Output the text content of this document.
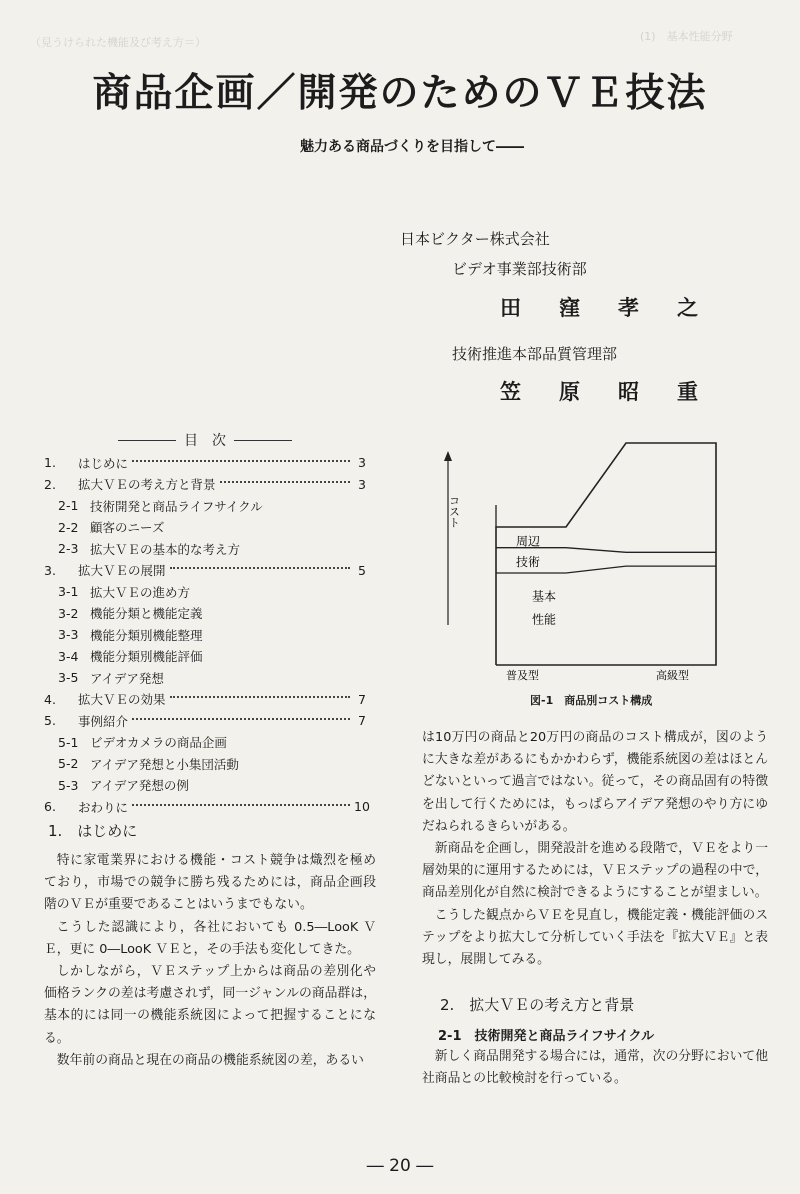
（見うけられた機能及び考え方＝）	(1)　基本性能分野
商品企画／開発のためのＶＥ技法
魅力ある商品づくりを目指して――
日本ビクター株式会社
ビデオ事業部技術部
田窪孝之
技術推進本部品質管理部
笠原昭重
目　次
1.	はじめに	3
2.	拡大ＶＥの考え方と背景	3
2-1 技術開発と商品ライフサイクル
2-2 顧客のニーズ
2-3 拡大ＶＥの基本的な考え方
3.	拡大ＶＥの展開	5
3-1 拡大ＶＥの進め方
3-2 機能分類と機能定義
3-3 機能分類別機能整理
3-4 機能分類別機能評価
3-5 アイデア発想
4.	拡大ＶＥの効果	7
5.	事例紹介	7
5-1 ビデオカメラの商品企画
5-2 アイデア発想と小集団活動
5-3 アイデア発想の例
6.	おわりに	10
1.　はじめに
特に家電業界における機能・コスト競争は熾烈を極めており，市場での競争に勝ち残るためには，商品企画段階のＶＥが重要であることはいうまでもない。
こうした認識により，各社においても 0.5―LooK ＶＥ，更に 0―LooK ＶＥと，その手法も変化してきた。
しかしながら，ＶＥステップ上からは商品の差別化や価格ランクの差は考慮されず，同一ジャンルの商品群は，基本的には同一の機能系統図によって把握することになる。
数年前の商品と現在の商品の機能系統図の差，あるい
コスト
周辺
技術
基本
性能
普及型	高級型
図-1　商品別コスト構成
は10万円の商品と20万円の商品のコスト構成が，図のように大きな差があるにもかかわらず，機能系統図の差はほとんどないといって過言ではない。従って，その商品固有の特徴を出して行くためには，もっぱらアイデア発想のやり方にゆだねられるきらいがある。
新商品を企画し，開発設計を進める段階で，ＶＥをより一層効果的に運用するためには，ＶＥステップの過程の中で，商品差別化が自然に検討できるようにすることが望ましい。
こうした観点からＶＥを見直し，機能定義・機能評価のステップをより拡大して分析していく手法を『拡大ＶＥ』と表現し，展開してみる。
2.　拡大ＶＥの考え方と背景
2-1　技術開発と商品ライフサイクル
新しく商品開発する場合には，通常，次の分野において他社商品との比較検討を行っている。
― 20 ―
